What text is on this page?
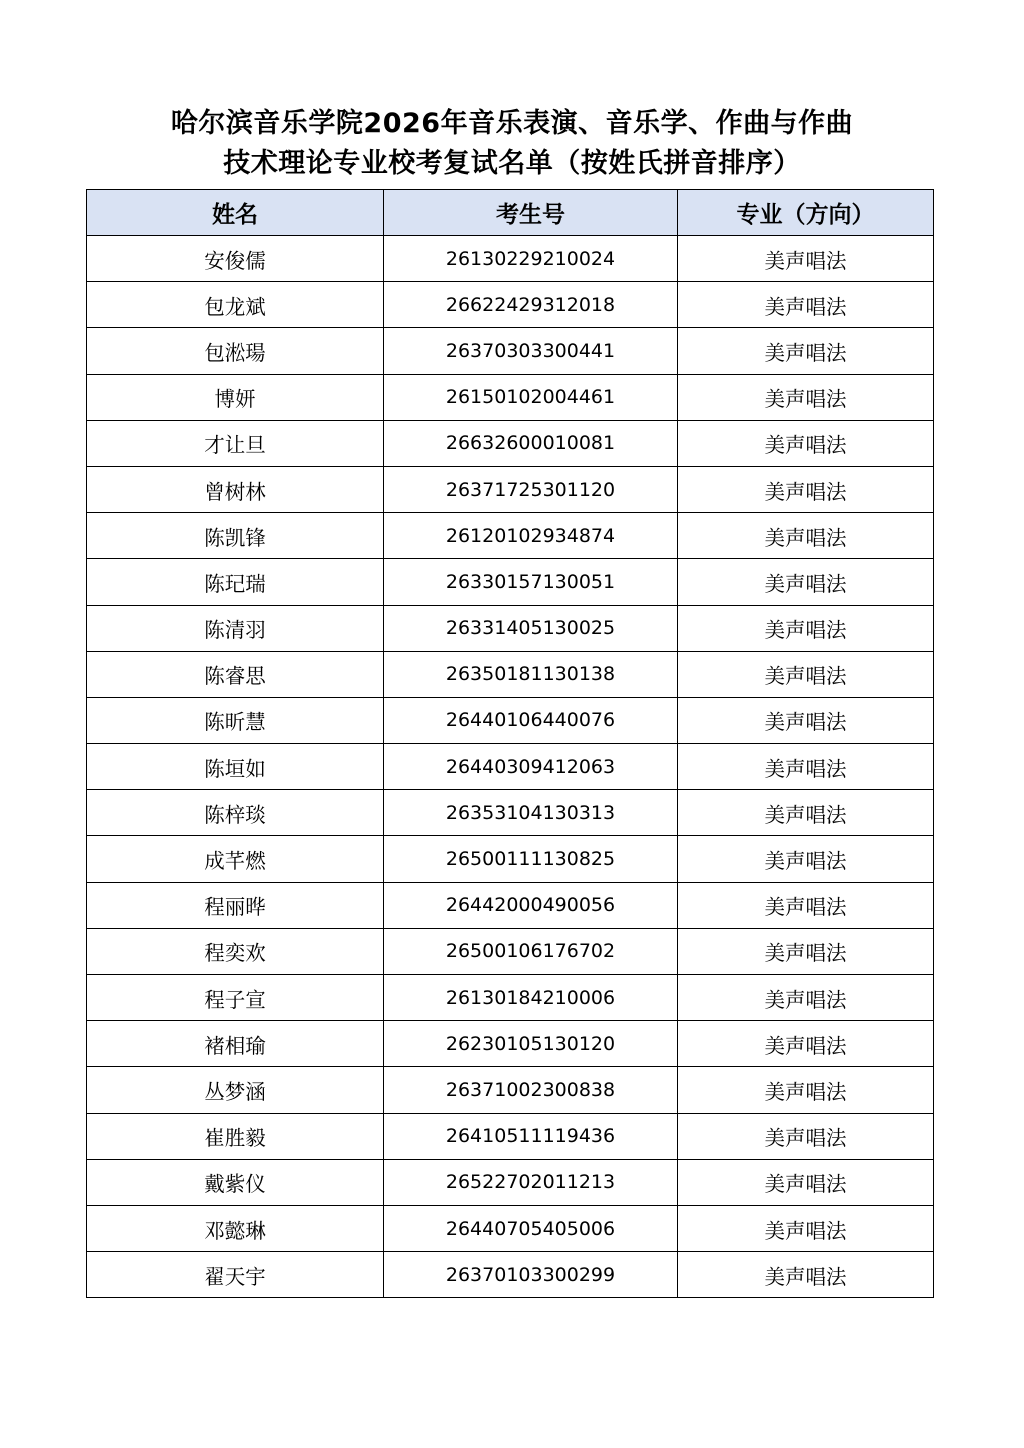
哈尔滨音乐学院2026年音乐表演、音乐学、作曲与作曲
技术理论专业校考复试名单（按姓氏拼音排序）
姓名	考生号	专业（方向）
安俊儒	26130229210024	美声唱法
包龙斌	26622429312018	美声唱法
包淞瑒	26370303300441	美声唱法
博妍	26150102004461	美声唱法
才让旦	26632600010081	美声唱法
曾树林	26371725301120	美声唱法
陈凯锋	26120102934874	美声唱法
陈玘瑞	26330157130051	美声唱法
陈清羽	26331405130025	美声唱法
陈睿思	26350181130138	美声唱法
陈昕慧	26440106440076	美声唱法
陈垣如	26440309412063	美声唱法
陈梓琰	26353104130313	美声唱法
成芊燃	26500111130825	美声唱法
程丽晔	26442000490056	美声唱法
程奕欢	26500106176702	美声唱法
程子宣	26130184210006	美声唱法
褚相瑜	26230105130120	美声唱法
丛梦涵	26371002300838	美声唱法
崔胜毅	26410511119436	美声唱法
戴紫仪	26522702011213	美声唱法
邓懿琳	26440705405006	美声唱法
翟天宇	26370103300299	美声唱法
